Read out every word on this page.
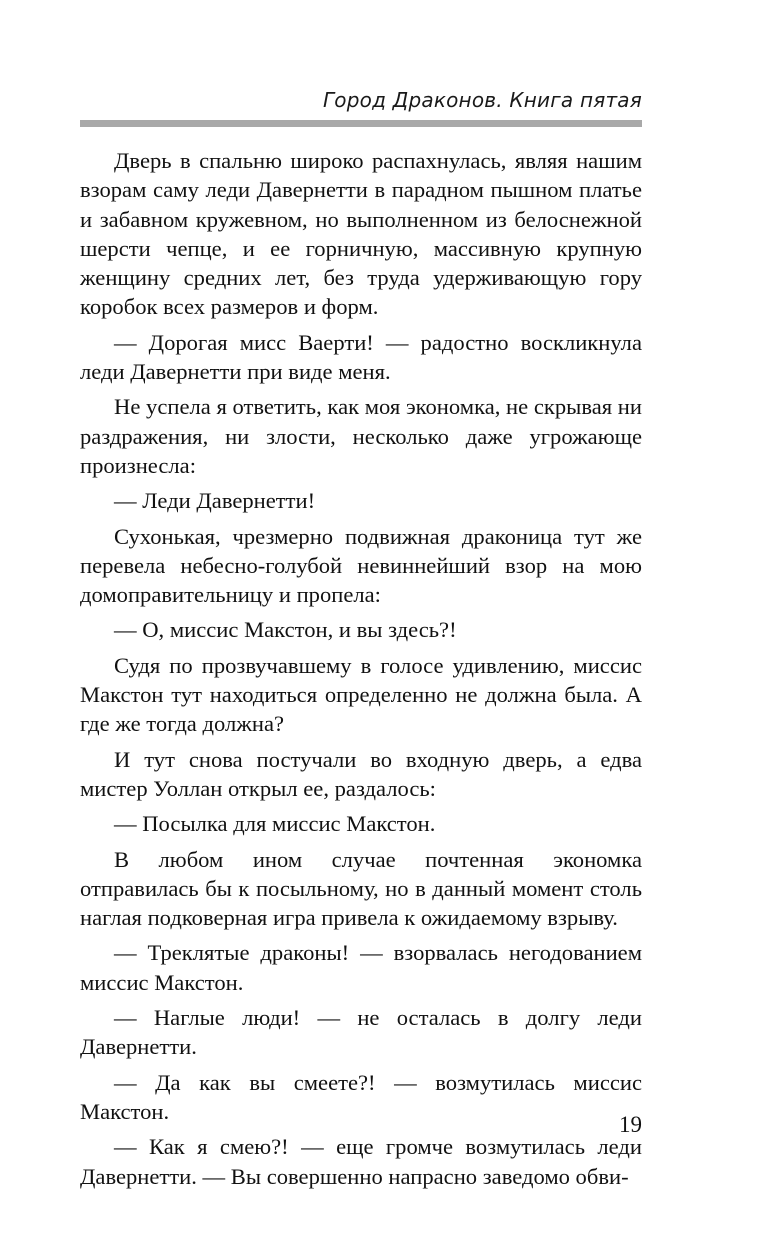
Город Драконов. Книга пятая

Дверь в спальню широко распахнулась, являя нашим взорам саму леди Давернетти в парадном пышном платье и забавном кружевном, но выполненном из белоснежной шерсти чепце, и ее горничную, массивную крупную женщину средних лет, без труда удерживающую гору коробок всех размеров и форм.

— Дорогая мисс Ваерти! — радостно воскликнула леди Давернетти при виде меня.

Не успела я ответить, как моя экономка, не скрывая ни раздражения, ни злости, несколько даже угрожающе произнесла:

— Леди Давернетти!

Сухонькая, чрезмерно подвижная драконица тут же перевела небесно-голубой невиннейший взор на мою домоправительницу и пропела:

— О, миссис Макстон, и вы здесь?!

Судя по прозвучавшему в голосе удивлению, миссис Макстон тут находиться определенно не должна была. А где же тогда должна?

И тут снова постучали во входную дверь, а едва мистер Уоллан открыл ее, раздалось:

— Посылка для миссис Макстон.

В любом ином случае почтенная экономка отправилась бы к посыльному, но в данный момент столь наглая подковерная игра привела к ожидаемому взрыву.

— Треклятые драконы! — взорвалась негодованием миссис Макстон.

— Наглые люди! — не осталась в долгу леди Давернетти.

— Да как вы смеете?! — возмутилась миссис Макстон.

— Как я смею?! — еще громче возмутилась леди Давернетти. — Вы совершенно напрасно заведомо обви-

19
